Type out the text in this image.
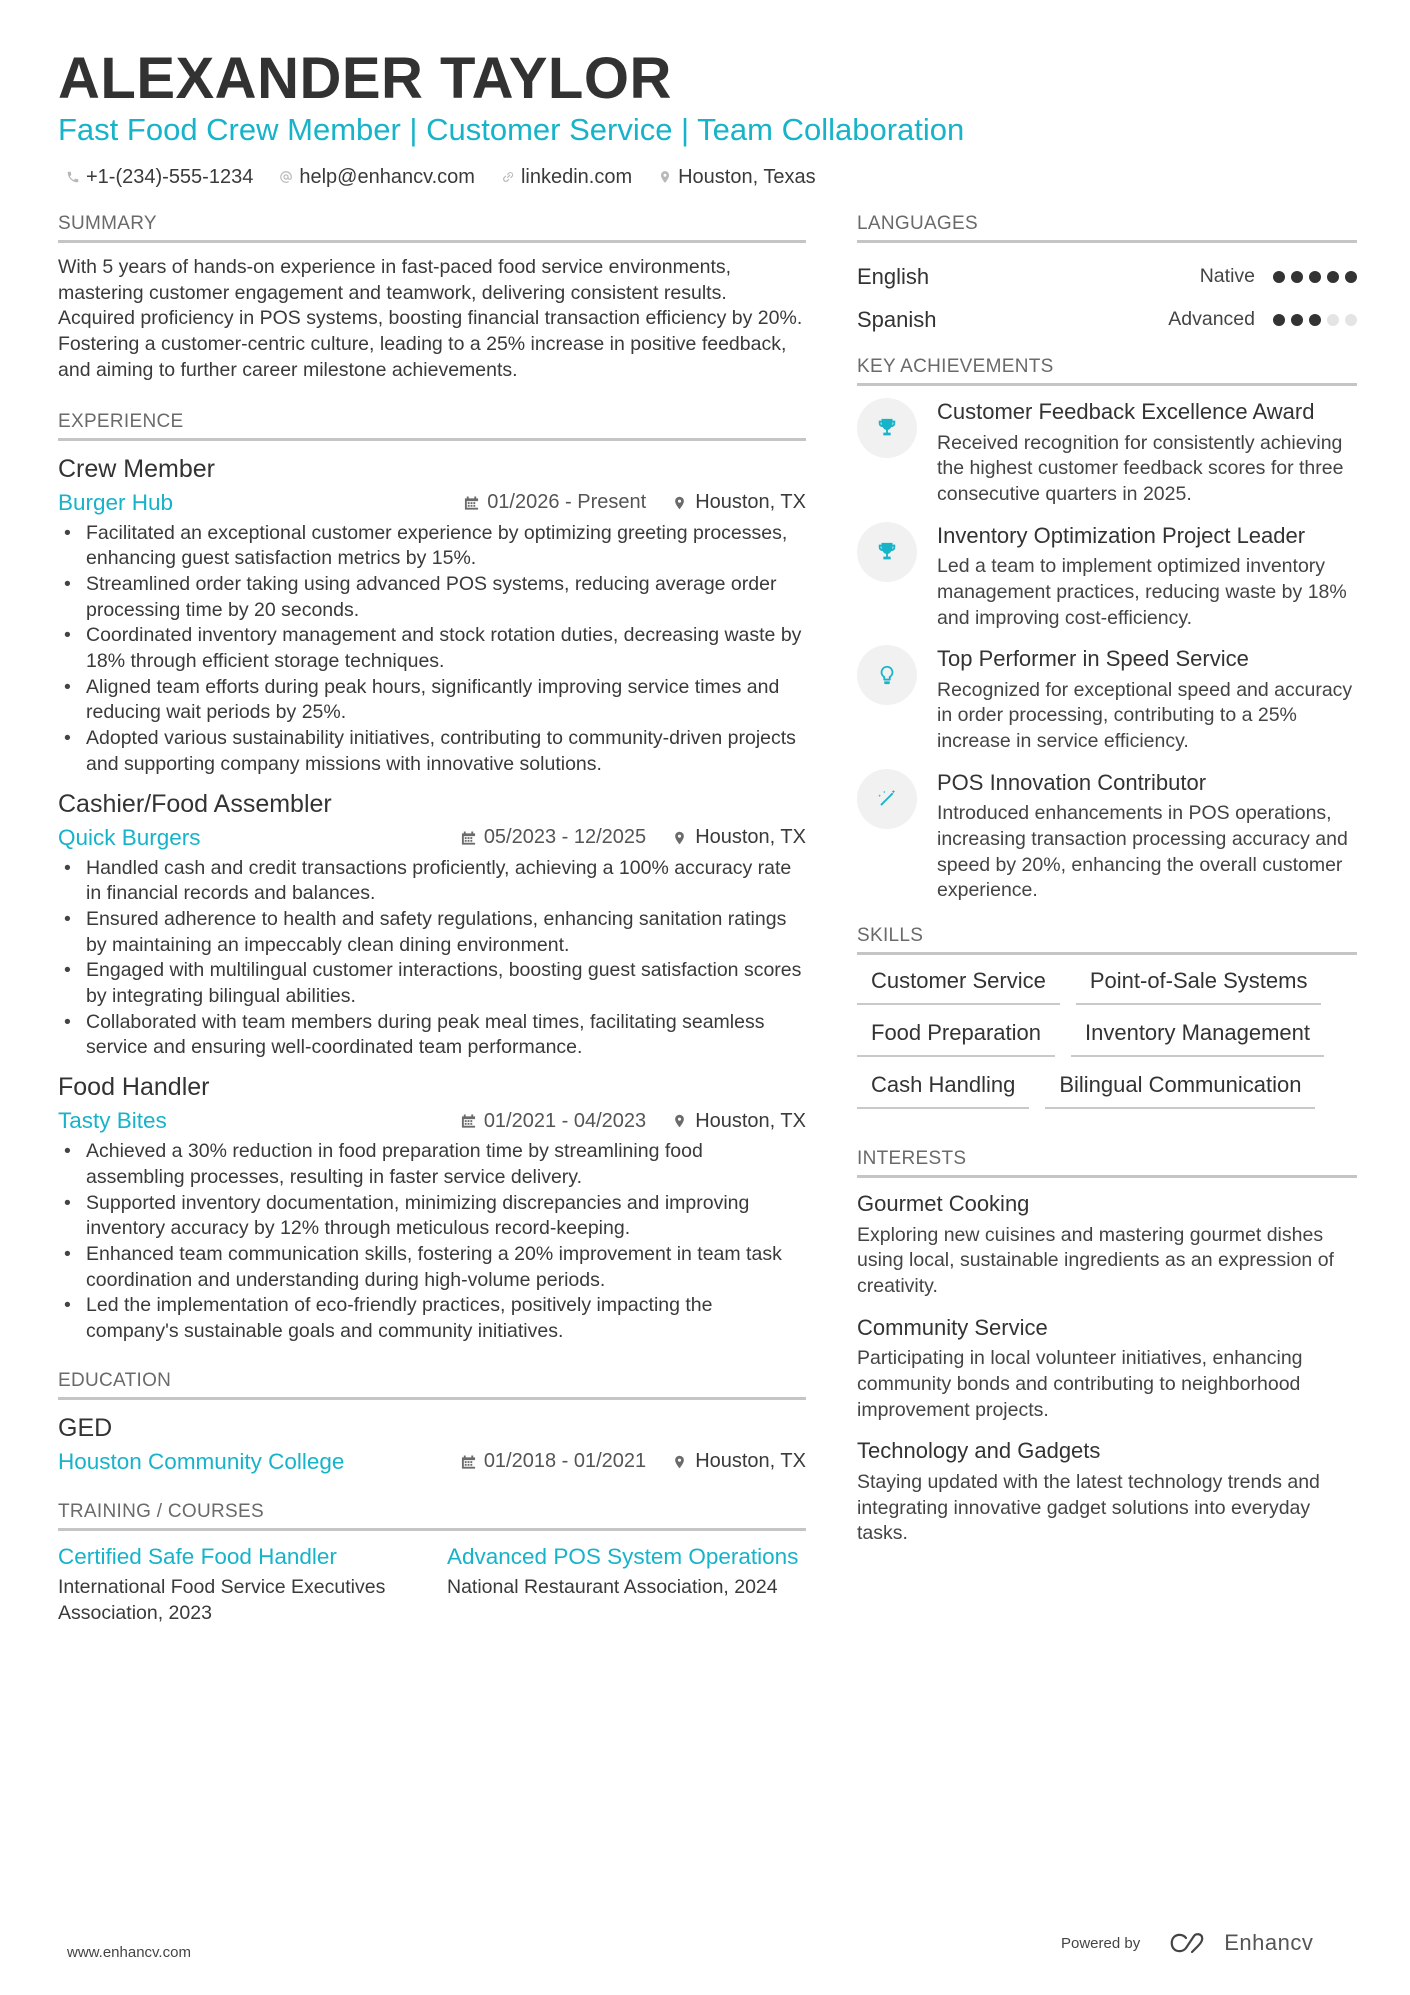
ALEXANDER TAYLOR
Fast Food Crew Member | Customer Service | Team Collaboration
+1-(234)-555-1234 help@enhancv.com linkedin.com Houston, Texas
SUMMARY

With 5 years of hands-on experience in fast-paced food service environments, mastering customer engagement and teamwork, delivering consistent results. Acquired proficiency in POS systems, boosting financial transaction efficiency by 20%. Fostering a customer-centric culture, leading to a 25% increase in positive feedback, and aiming to further career milestone achievements.

EXPERIENCE
Crew Member
Burger Hub	01/2026 - Present Houston, TX
• Facilitated an exceptional customer experience by optimizing greeting processes, enhancing guest satisfaction metrics by 15%.
• Streamlined order taking using advanced POS systems, reducing average order processing time by 20 seconds.
• Coordinated inventory management and stock rotation duties, decreasing waste by 18% through efficient storage techniques.
• Aligned team efforts during peak hours, significantly improving service times and reducing wait periods by 25%.
• Adopted various sustainability initiatives, contributing to community-driven projects and supporting company missions with innovative solutions.
Cashier/Food Assembler
Quick Burgers	05/2023 - 12/2025 Houston, TX
• Handled cash and credit transactions proficiently, achieving a 100% accuracy rate in financial records and balances.
• Ensured adherence to health and safety regulations, enhancing sanitation ratings by maintaining an impeccably clean dining environment.
• Engaged with multilingual customer interactions, boosting guest satisfaction scores by integrating bilingual abilities.
• Collaborated with team members during peak meal times, facilitating seamless service and ensuring well-coordinated team performance.
Food Handler
Tasty Bites	01/2021 - 04/2023 Houston, TX
• Achieved a 30% reduction in food preparation time by streamlining food assembling processes, resulting in faster service delivery.
• Supported inventory documentation, minimizing discrepancies and improving inventory accuracy by 12% through meticulous record-keeping.
• Enhanced team communication skills, fostering a 20% improvement in team task coordination and understanding during high-volume periods.
• Led the implementation of eco-friendly practices, positively impacting the company's sustainable goals and community initiatives.
EDUCATION
GED
Houston Community College	01/2018 - 01/2021 Houston, TX
TRAINING / COURSES
Certified Safe Food Handler
International Food Service Executives Association, 2023
Advanced POS System Operations
National Restaurant Association, 2024
LANGUAGES
English	Native
Spanish	Advanced
KEY ACHIEVEMENTS
Customer Feedback Excellence Award
Received recognition for consistently achieving the highest customer feedback scores for three consecutive quarters in 2025.
Inventory Optimization Project Leader
Led a team to implement optimized inventory management practices, reducing waste by 18% and improving cost-efficiency.
Top Performer in Speed Service
Recognized for exceptional speed and accuracy in order processing, contributing to a 25% increase in service efficiency.
POS Innovation Contributor
Introduced enhancements in POS operations, increasing transaction processing accuracy and speed by 20%, enhancing the overall customer experience.
SKILLS
Customer Service	Point-of-Sale Systems
Food Preparation	Inventory Management
Cash Handling	Bilingual Communication
INTERESTS
Gourmet Cooking
Exploring new cuisines and mastering gourmet dishes using local, sustainable ingredients as an expression of creativity.
Community Service
Participating in local volunteer initiatives, enhancing community bonds and contributing to neighborhood improvement projects.
Technology and Gadgets
Staying updated with the latest technology trends and integrating innovative gadget solutions into everyday tasks.
www.enhancv.com
Powered by	Enhancv
